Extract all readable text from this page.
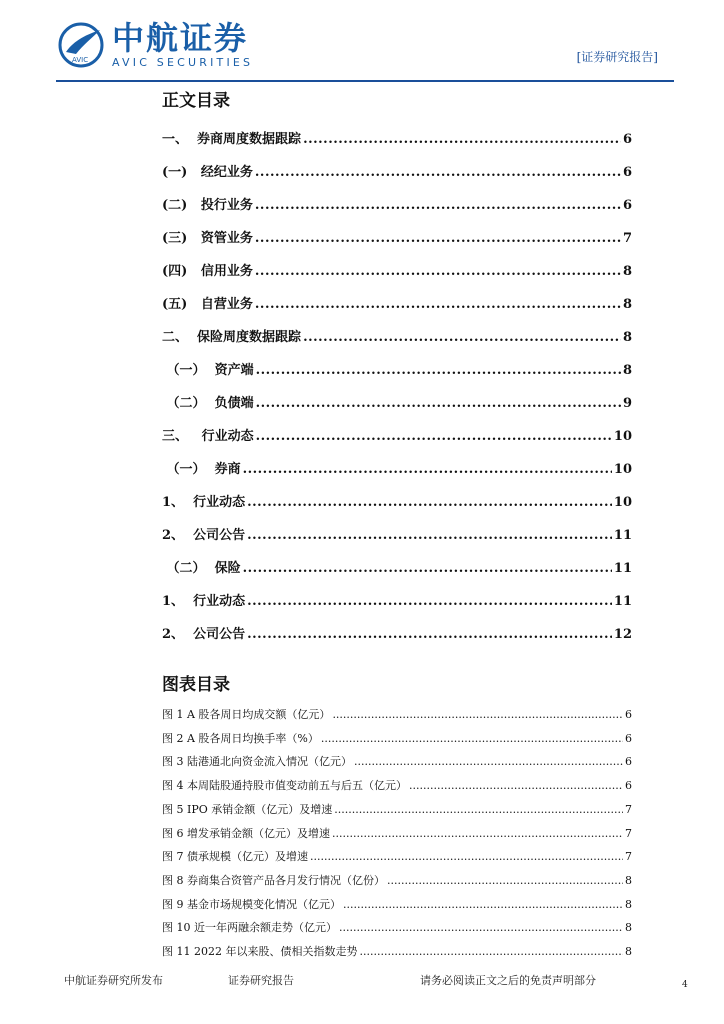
AVIC
中航证券
AVIC SECURITIES	[证券研究报告]
正文目录
一、  券商周度数据跟踪 .....	6
(一)   经纪业务 .....	6
(二)   投行业务 .....	6
(三)   资管业务 .....	7
(四)   信用业务 .....	8
(五)   自营业务 .....	8
二、  保险周度数据跟踪 .....	8
（一）  资产端 .....	8
（二）  负债端 .....	9
三、   行业动态 .....	10
（一）  券商 .....	10
1、  行业动态 .....	10
2、  公司公告 .....	11
（二）  保险 .....	11
1、  行业动态 .....	11
2、  公司公告 .....	12
图表目录
图 1 A 股各周日均成交额（亿元） .....	6
图 2 A 股各周日均换手率（%） .....	6
图 3 陆港通北向资金流入情况（亿元） .....	6
图 4 本周陆股通持股市值变动前五与后五（亿元） .....	6
图 5 IPO 承销金额（亿元）及增速 .....	7
图 6 增发承销金额（亿元）及增速 .....	7
图 7 债承规模（亿元）及增速 .....	7
图 8 券商集合资管产品各月发行情况（亿份） .....	8
图 9 基金市场规模变化情况（亿元） .....	8
图 10 近一年两融余额走势（亿元） .....	8
图 11 2022 年以来股、债相关指数走势 .....	8
中航证券研究所发布	证券研究报告	请务必阅读正文之后的免责声明部分	4
